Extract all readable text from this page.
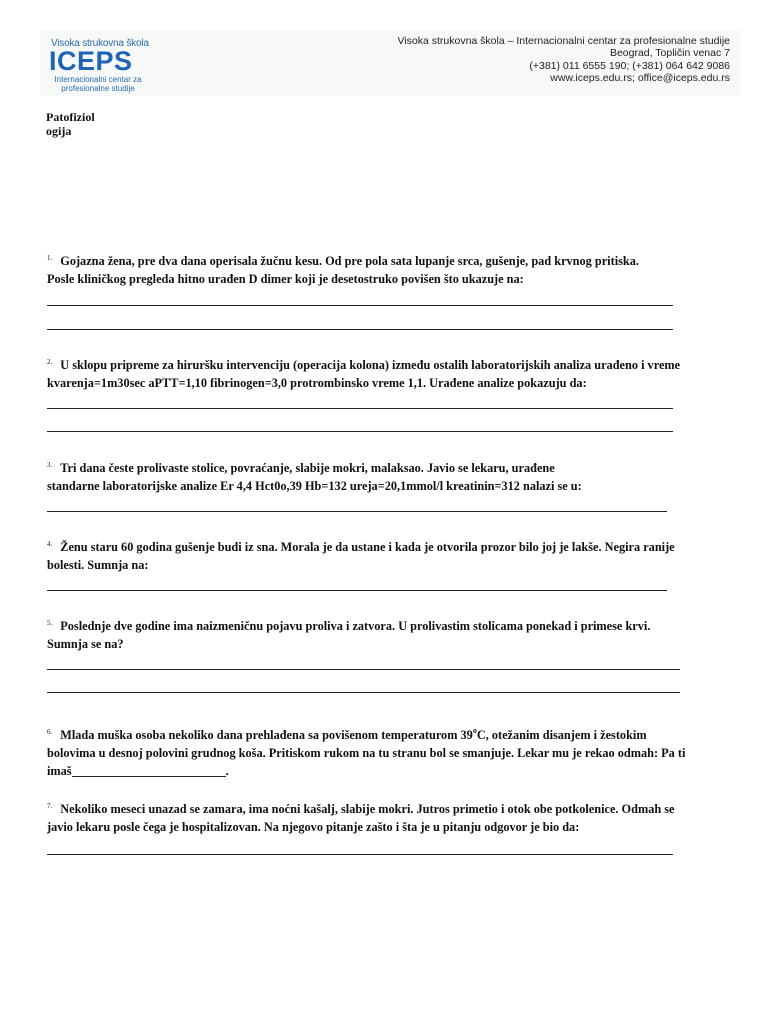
Visoka strukovna škola
ICEPS
Internacionalni centar za profesionalne studije
Visoka strukovna škola – Internacionalni centar za profesionalne studije
Beograd, Topličin venac 7
(+381) 011 6555 190; (+381) 064 642 9086
www.iceps.edu.rs; office@iceps.edu.rs
Patofiziologija

$^{1.}$ Gojazna žena, pre dva dana operisala žučnu kesu. Od pre pola sata lupanje srca, gušenje, pad krvnog pritiska.

Posle kliničkog pregleda hitno urađen D dimer koji je desetostruko povišen što ukazuje na:

$^{2.}$ U sklopu pripreme za hiruršku intervenciju (operacija kolona) između ostalih laboratorijskih analiza urađeno i vreme

kvarenja=1m30sec aPTT=1,10 fibrinogen=3,0 protrombinsko vreme 1,1. Urađene analize pokazuju da:

$^{3.}$ Tri dana česte prolivaste stolice, povraćanje, slabije mokri, malaksao. Javio se lekaru, urađene

standarne laboratorijske analize Er 4,4 Hct0o,39 Hb=132 ureja=20,1mmol/l kreatinin=312 nalazi se u:

$^{4.}$ Ženu staru 60 godina gušenje budi iz sna. Morala je da ustane i kada je otvorila prozor bilo joj je lakše. Negira ranije

bolesti. Sumnja na:

$^{5.}$ Poslednje dve godine ima naizmeničnu pojavu proliva i zatvora. U prolivastim stolicama ponekad i primese krvi.

Sumnja se na?

$^{6.}$ Mlada muška osoba nekoliko dana prehlađena sa povišenom temperaturom 39$^o$C, otežanim disanjem i žestokim

bolovima u desnoj polovini grudnog koša. Pritiskom rukom na tu stranu bol se smanjuje. Lekar mu je rekao odmah: Pa ti

imaš	.

$^{7.}$ Nekoliko meseci unazad se zamara, ima noćni kašalj, slabije mokri. Jutros primetio i otok obe potkolenice. Odmah se

javio lekaru posle čega je hospitalizovan. Na njegovo pitanje zašto i šta je u pitanju odgovor je bio da:
